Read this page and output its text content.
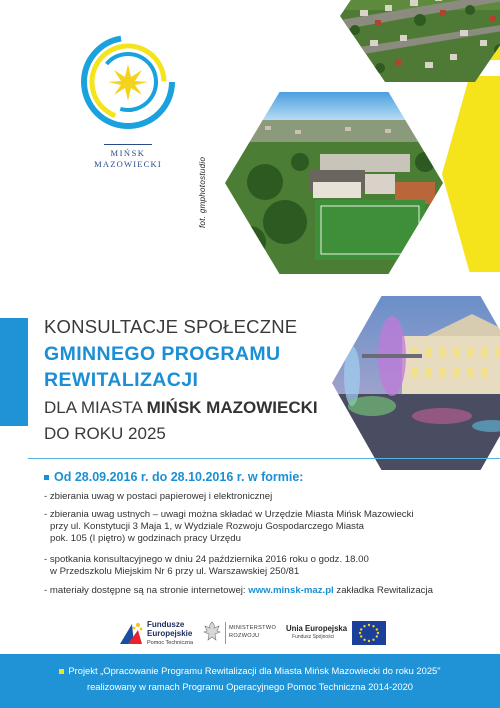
fot. gmphotostudio
MIŃSK
MAZOWIECKI
KONSULTACJE SPOŁECZNE
GMINNEGO PROGRAMU
REWITALIZACJI
DLA MIASTA MIŃSK MAZOWIECKI
DO ROKU 2025
Od 28.09.2016 r. do 28.10.2016 r. w formie:
- zbierania uwag w postaci papierowej i elektronicznej
- zbierania uwag ustnych – uwagi można składać w Urzędzie Miasta Mińsk Mazowiecki
przy ul. Konstytucji 3 Maja 1, w Wydziale Rozwoju Gospodarczego Miasta
pok. 105 (I piętro) w godzinach pracy Urzędu
- spotkania konsultacyjnego w dniu 24 października 2016 roku o godz. 18.00
w Przedszkolu Miejskim Nr 6 przy ul. Warszawskiej 250/81
- materiały dostępne są na stronie internetowej: www.minsk-maz.pl zakładka Rewitalizacja
Fundusze
Europejskie
Pomoc Techniczna
MINISTERSTWO
ROZWOJU
Unia Europejska
Fundusz Spójności
Projekt „Opracowanie Programu Rewitalizacji dla Miasta Mińsk Mazowiecki do roku 2025"
realizowany w ramach Programu Operacyjnego Pomoc Techniczna 2014-2020
